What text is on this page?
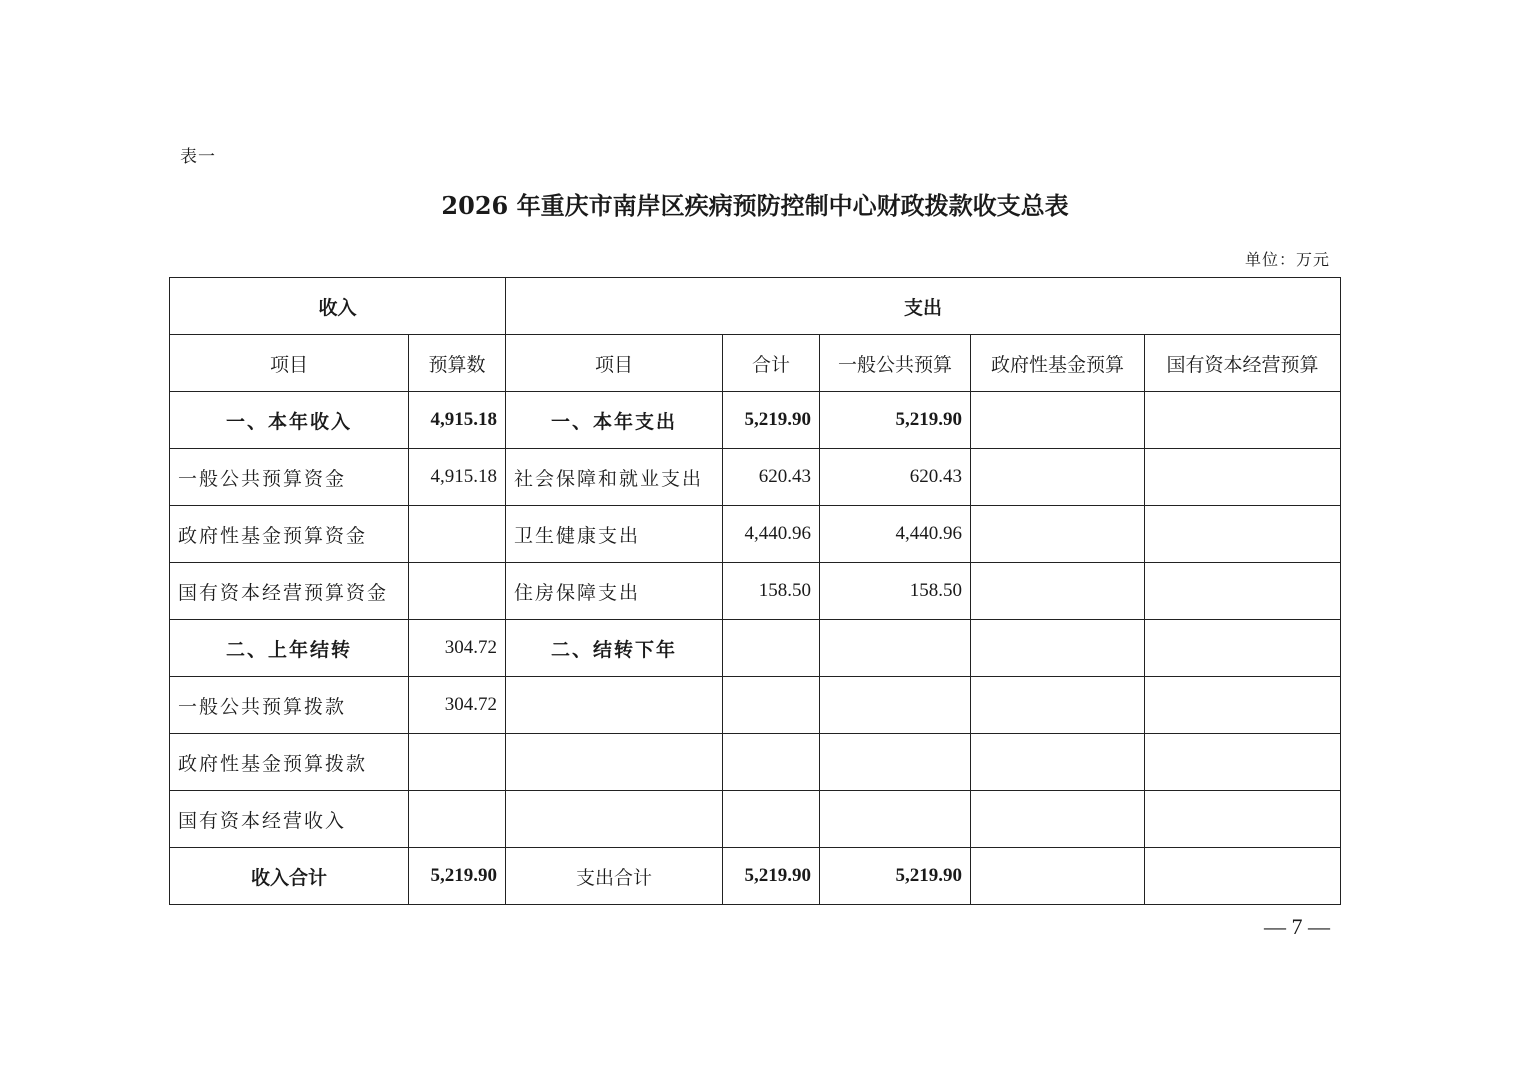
表一
2026 年重庆市南岸区疾病预防控制中心财政拨款收支总表
单位：万元
收入		支出				
项目	预算数	项目	合计	一般公共预算	政府性基金预算	国有资本经营预算
一、本年收入	4,915.18	一、本年支出	5,219.90	5,219.90		
一般公共预算资金	4,915.18	社会保障和就业支出	620.43	620.43		
政府性基金预算资金		卫生健康支出	4,440.96	4,440.96		
国有资本经营预算资金		住房保障支出	158.50	158.50		
二、上年结转	304.72	二、结转下年				
一般公共预算拨款	304.72					
政府性基金预算拨款						
国有资本经营收入						
收入合计	5,219.90	支出合计	5,219.90	5,219.90		
— 7 —
